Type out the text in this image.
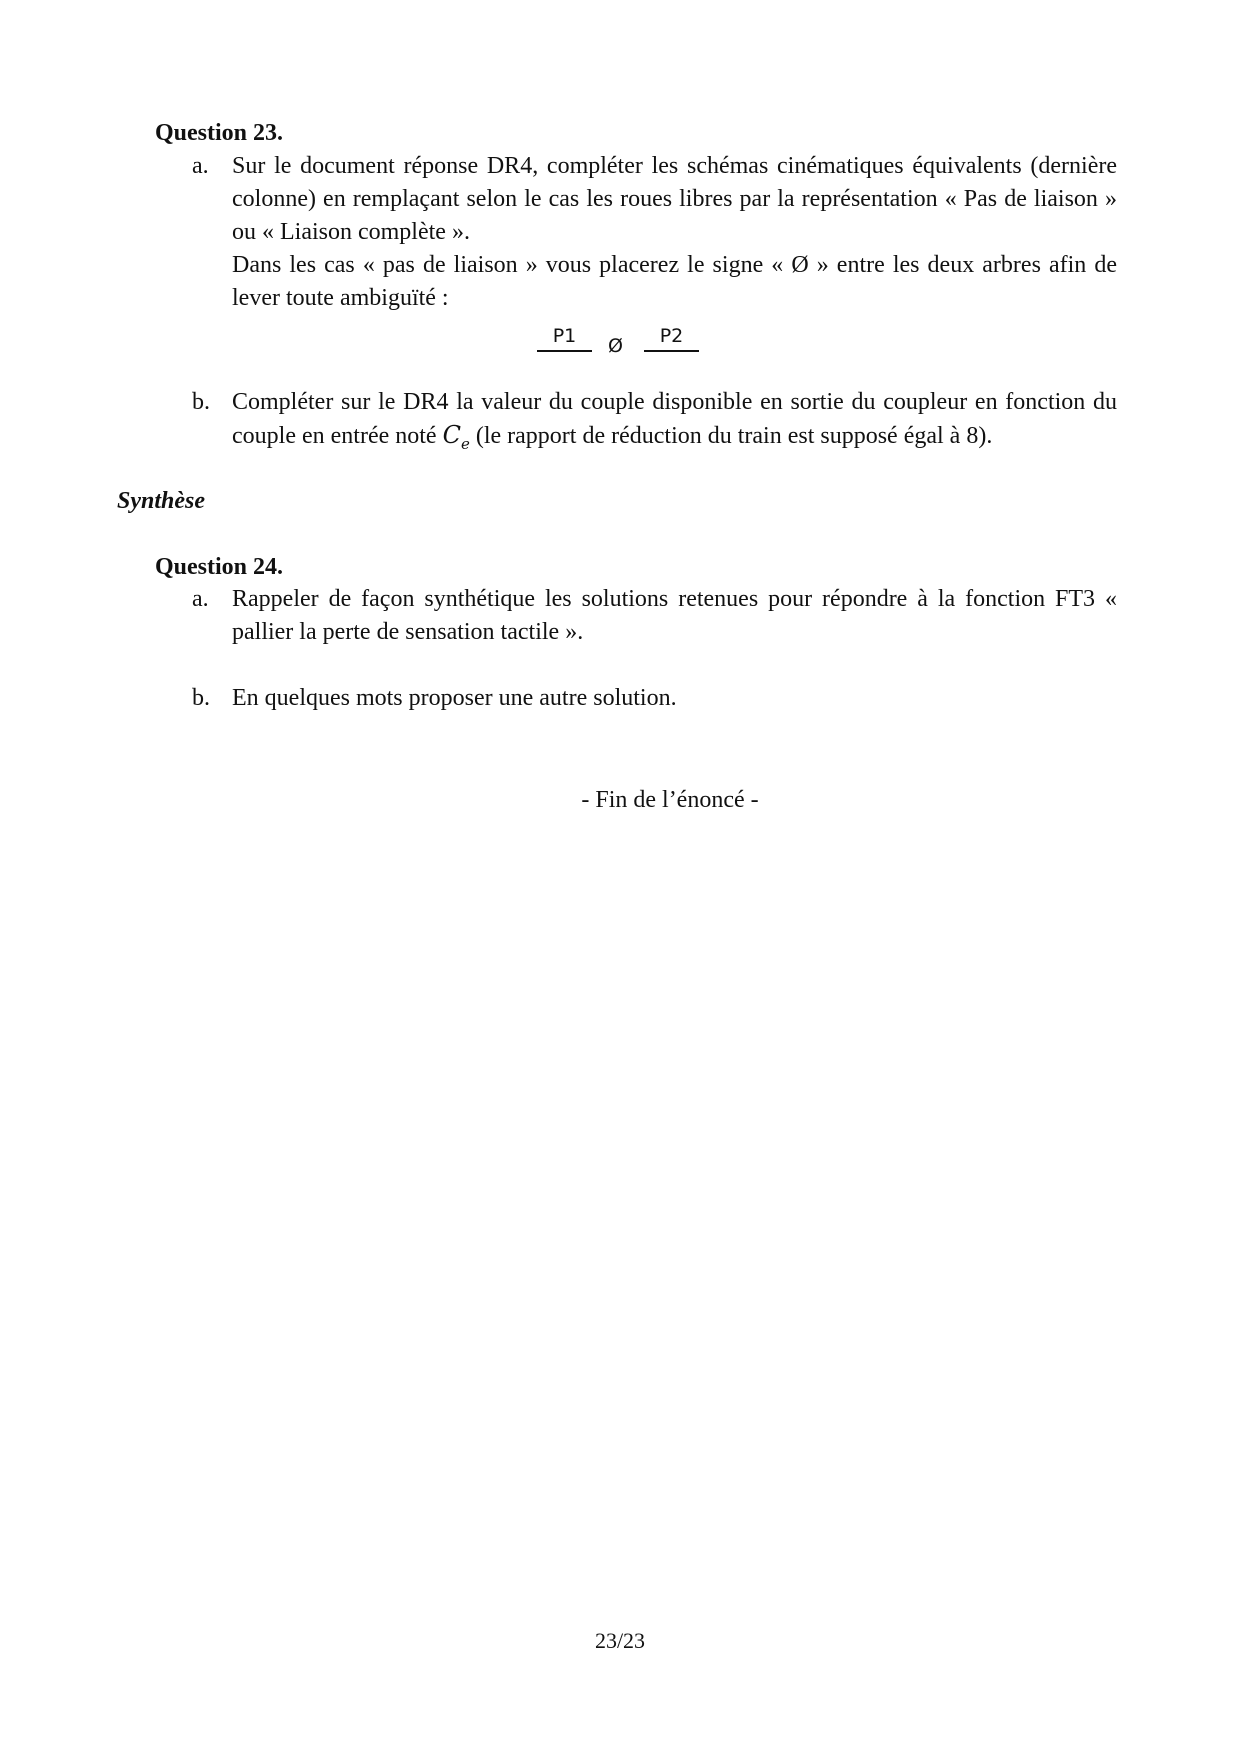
Question 23.
a. Sur le document réponse DR4, compléter les schémas cinématiques équivalents (dernière colonne) en remplaçant selon le cas les roues libres par la représentation « Pas de liaison » ou « Liaison complète ».

Dans les cas « pas de liaison » vous placerez le signe « Ø » entre les deux arbres afin de lever toute ambiguïté :

P1	Ø	P2
b. Compléter sur le DR4 la valeur du couple disponible en sortie du coupleur en fonction du couple en entrée noté $C_e$ (le rapport de réduction du train est supposé égal à 8).
Synthèse
Question 24.
a. Rappeler de façon synthétique les solutions retenues pour répondre à la fonction FT3 « pallier la perte de sensation tactile ».
b. En quelques mots proposer une autre solution.
- Fin de l’énoncé -
23/23
